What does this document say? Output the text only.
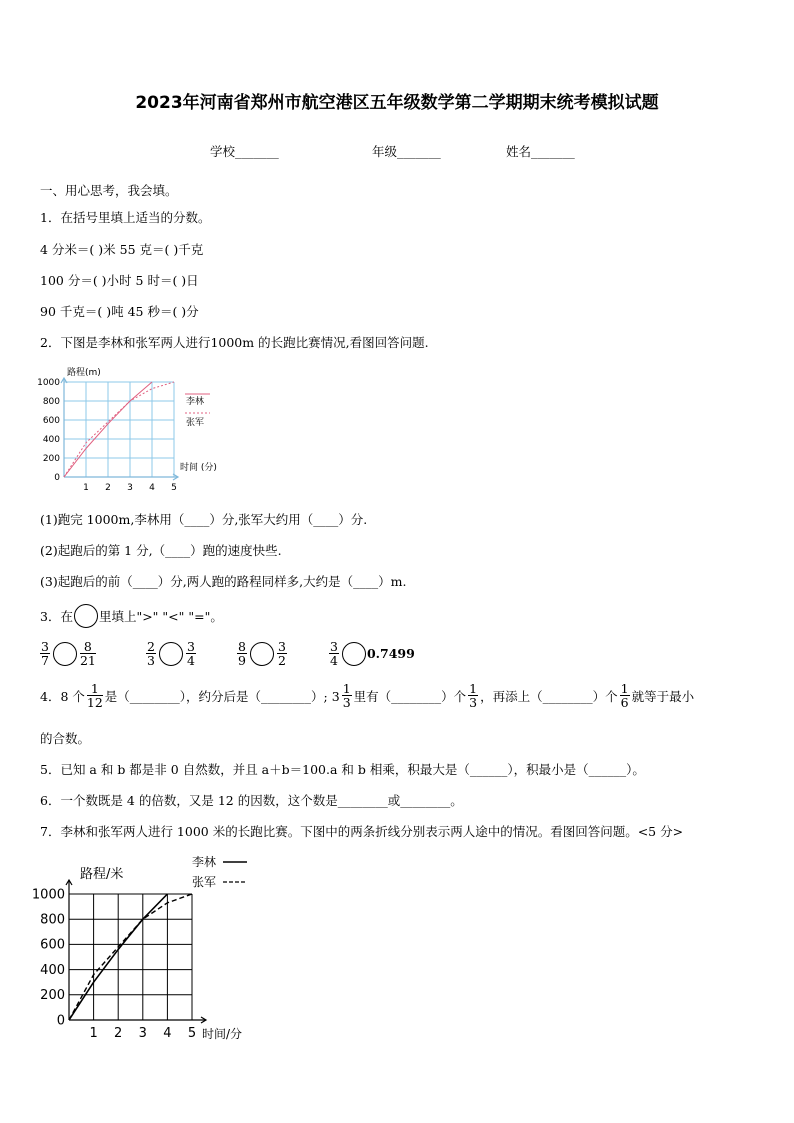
2023年河南省郑州市航空港区五年级数学第二学期期末统考模拟试题
学校_______	年级_______	姓名_______
一、用心思考，我会填。
1．在括号里填上适当的分数。
4 分米＝( )米 55 克＝( )千克
100 分＝( )小时 5 时＝( )日
90 千克＝( )吨 45 秒＝( )分
2．下图是李林和张军两人进行1000m 的长跑比赛情况,看图回答问题.
0
200
400
600
800
1000
1 2 3 4 5
路程(m)
时间 (分)
李林
张军
(1)跑完 1000m,李林用（____）分,张军大约用（____）分.
(2)起跑后的第 1 分,（____）跑的速度快些.
(3)起跑后的前（____）分,两人跑的路程同样多,大约是（____）m.
3．在 里填上">" "<" "="。
$\frac{3}{7} \frac{8}{21}$	$\frac{2}{3} \frac{3}{4}$	$\frac{8}{9} \frac{3}{2}$	$\frac{3}{4} 0.7499$
4．8 个 $\frac{1}{12}$ 是（________），约分后是（________）; $3 \frac{1}{3}$ 里有（________）个 $\frac{1}{3}$ ，再添上（________）个 $\frac{1}{6}$ 就等于最小
的合数。
5．已知 a 和 b 都是非 0 自然数，并且 a＋b＝100.a 和 b 相乘，积最大是（______），积最小是（______）。
6．一个数既是 4 的倍数，又是 12 的因数，这个数是________或________。
7．李林和张军两人进行 1000 米的长跑比赛。下图中的两条折线分别表示两人途中的情况。看图回答问题。<5 分>
0
200
400
600
800
1000
1 2 3 4 5
路程/米
时间/分
李林
张军
